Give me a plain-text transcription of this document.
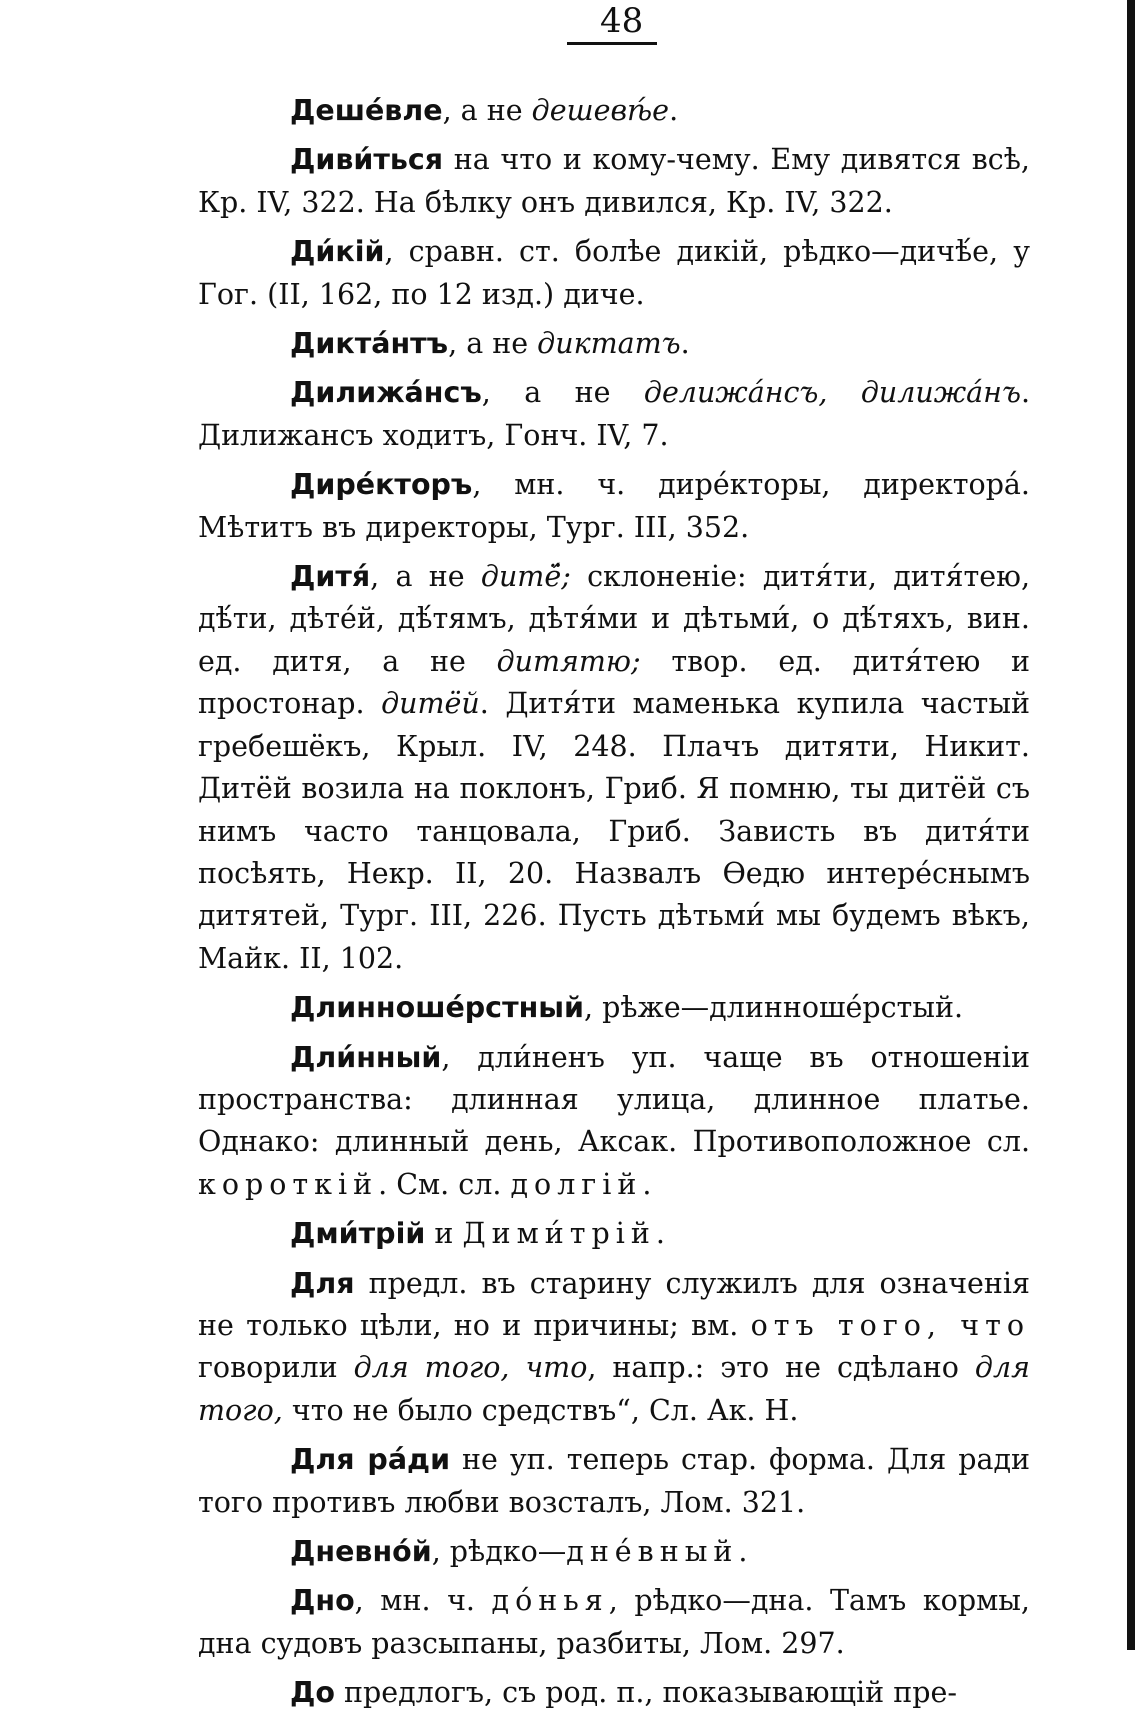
48

Дешéвле, а не дешевѣ́е.

Диви́ться на что и кому-чему. Ему дивятся всѣ, Кр. IV, 322. На бѣлку онъ дивился, Кр. IV, 322.

Ди́кій, сравн. ст. болѣе дикій, рѣдко—дичѣ́е, у Гог. (II, 162, по 12 изд.) диче.

Дикта́нтъ, а не диктатъ.

Дилижа́нсъ, а не делижа́нсъ, дилижа́нъ. Дилижансъ ходитъ, Гонч. IV, 7.

Дирéкторъ, мн. ч. дирéкторы, директорá. Мѣтитъ въ директоры, Тург. III, 352.

Дитя́, а не дитё́; склоненіе: дитя́ти, дитя́тею, дѣ́ти, дѣтéй, дѣ́тямъ, дѣтя́ми и дѣтьми́, о дѣ́тяхъ, вин. ед. дитя, а не дитятю; твор. ед. дитя́тею и простонар. дитёй. Дитя́ти маменька купила частый гребешёкъ, Крыл. IV, 248. Плачъ дитяти, Никит. Дитёй возила на поклонъ, Гриб. Я помню, ты дитёй съ нимъ часто танцовала, Гриб. Зависть въ дитя́ти посѣять, Некр. II, 20. Назвалъ Ѳедю интерéснымъ дитятей, Тург. III, 226. Пусть дѣтьми́ мы будемъ вѣкъ, Майк. II, 102.

Длинношéрстный, рѣже—длинношéрстый.

Дли́нный, дли́ненъ уп. чаще въ отношеніи пространства: длинная улица, длинное платье. Однако: длинный день, Аксак. Противоположное сл. короткій. См. сл. долгій.

Дми́трій и Дими́трій.

Для предл. въ старину служилъ для означенія не только цѣли, но и причины; вм. отъ того, что говорили для того, что, напр.: это не сдѣлано для того, что не было средствъ“, Сл. Ак. Н.

Для рáди не уп. теперь стар. форма. Для ради того противъ любви возсталъ, Лом. 321.

Дневно́й, рѣдко—днéвный.

Дно, мн. ч. до́нья, рѣдко—дна. Тамъ кормы, дна судовъ разсыпаны, разбиты, Лом. 297.

До предлогъ, съ род. п., показывающій пре-
